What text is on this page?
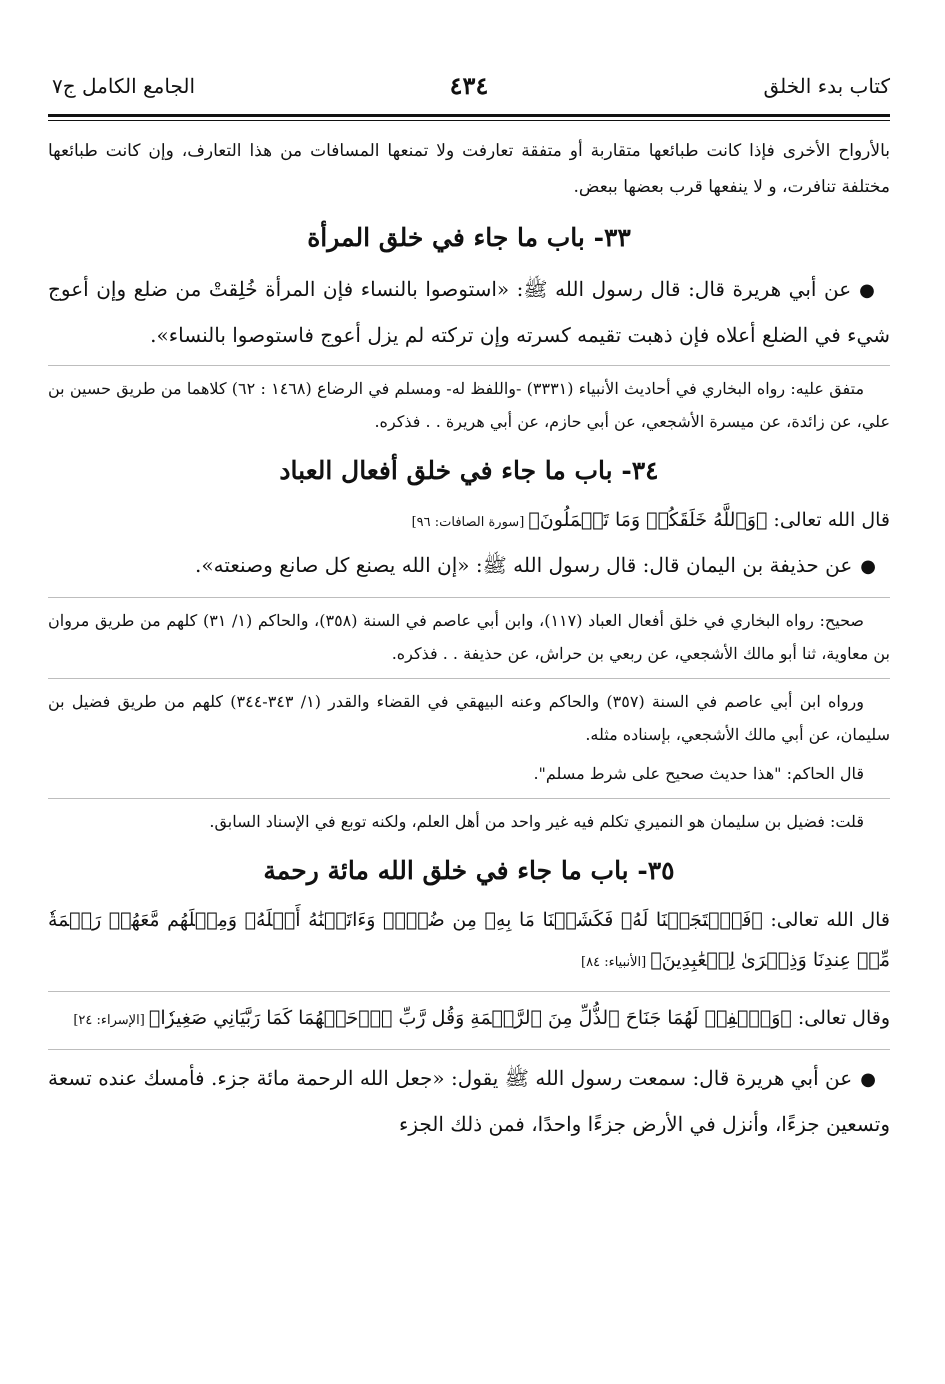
كتاب بدء الخلق
٤٣٤
الجامع الكامل ج٧

بالأرواح الأخرى فإذا كانت طبائعها متقاربة أو متفقة تعارفت ولا تمنعها المسافات من هذا التعارف، وإن كانت طبائعها مختلفة تنافرت، و لا ينفعها قرب بعضها ببعض.

٣٣- باب ما جاء في خلق المرأة

●عن أبي هريرة قال: قال رسول الله ﷺ: «استوصوا بالنساء فإن المرأة خُلِقتْ من ضلع وإن أعوج شيء في الضلع أعلاه فإن ذهبت تقيمه كسرته وإن تركته لم يزل أعوج فاستوصوا بالنساء».

متفق عليه: رواه البخاري في أحاديث الأنبياء (٣٣٣١) -واللفظ له- ومسلم في الرضاع (١٤٦٨ : ٦٢) كلاهما من طريق حسين بن علي، عن زائدة، عن ميسرة الأشجعي، عن أبي حازم، عن أبي هريرة . . فذكره.

٣٤- باب ما جاء في خلق أفعال العباد

قال الله تعالى: ﴿وَٱللَّهُ خَلَقَكُمۡ وَمَا تَعۡمَلُونَ﴾ [سورة الصافات: ٩٦]

●عن حذيفة بن اليمان قال: قال رسول الله ﷺ: «إن الله يصنع كل صانع وصنعته».

صحيح: رواه البخاري في خلق أفعال العباد (١١٧)، وابن أبي عاصم في السنة (٣٥٨)، والحاكم (١/ ٣١) كلهم من طريق مروان بن معاوية، ثنا أبو مالك الأشجعي، عن ربعي بن حراش، عن حذيفة . . فذكره.

ورواه ابن أبي عاصم في السنة (٣٥٧) والحاكم وعنه البيهقي في القضاء والقدر (١/ ٣٤٣-٣٤٤) كلهم من طريق فضيل بن سليمان، عن أبي مالك الأشجعي، بإسناده مثله.

قال الحاكم: "هذا حديث صحيح على شرط مسلم".

قلت: فضيل بن سليمان هو النميري تكلم فيه غير واحد من أهل العلم، ولكنه توبع في الإسناد السابق.

٣٥- باب ما جاء في خلق الله مائة رحمة

قال الله تعالى: ﴿فَٱسۡتَجَبۡنَا لَهُۥ فَكَشَفۡنَا مَا بِهِۦ مِن ضُرّٖۖ وَءَاتَيۡنَٰهُ أَهۡلَهُۥ وَمِثۡلَهُم مَّعَهُمۡ رَحۡمَةٗ مِّنۡ عِندِنَا وَذِكۡرَىٰ لِلۡعَٰبِدِينَ﴾ [الأنبياء: ٨٤]

وقال تعالى: ﴿وَٱخۡفِضۡ لَهُمَا جَنَاحَ ٱلذُّلِّ مِنَ ٱلرَّحۡمَةِ وَقُل رَّبِّ ٱرۡحَمۡهُمَا كَمَا رَبَّيَانِي صَغِيرٗا﴾ [الإسراء: ٢٤]

●عن أبي هريرة قال: سمعت رسول الله ﷺ يقول: «جعل الله الرحمة مائة جزء. فأمسك عنده تسعة وتسعين جزءًا، وأنزل في الأرض جزءًا واحدًا، فمن ذلك الجزء
